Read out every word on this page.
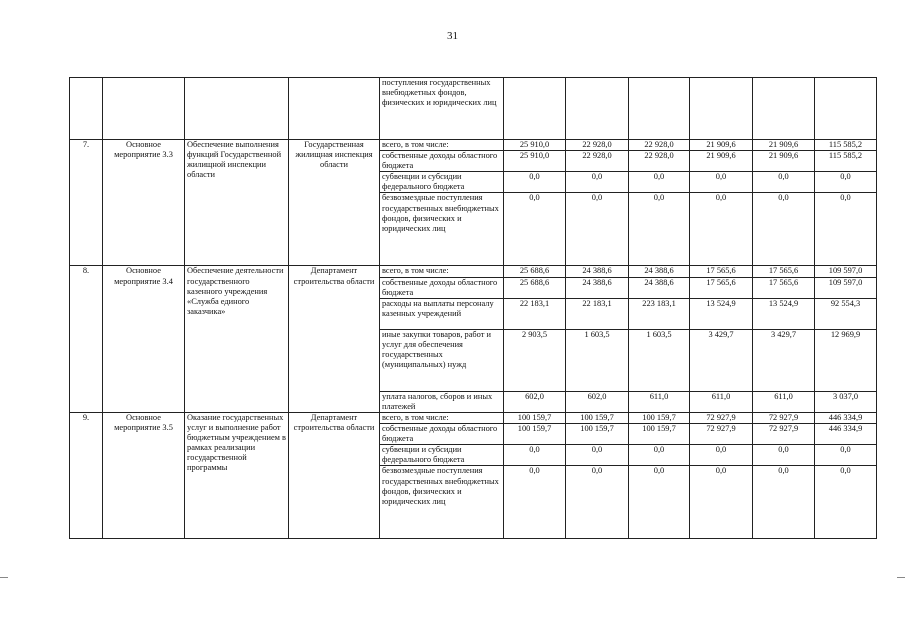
31
				поступления государственных внебюджетных фондов, физических и юридических лиц						
7.	Основное мероприятие 3.3	Обеспечение выполнения функций Государственной жилищной инспекции области	Государственная жилищная инспекция области	всего, в том числе:	25 910,0	22 928,0	22 928,0	21 909,6	21 909,6	115 585,2
				собственные доходы областного бюджета	25 910,0	22 928,0	22 928,0	21 909,6	21 909,6	115 585,2
				субвенции и субсидии федерального бюджета	0,0	0,0	0,0	0,0	0,0	0,0
				безвозмездные поступления государственных внебюджетных фондов, физических и юридических лиц	0,0	0,0	0,0	0,0	0,0	0,0
8.	Основное мероприятие 3.4	Обеспечение деятельности государственного казенного учреждения «Служба единого заказчика»	Департамент строительства области	всего, в том числе:	25 688,6	24 388,6	24 388,6	17 565,6	17 565,6	109 597,0
				собственные доходы областного бюджета	25 688,6	24 388,6	24 388,6	17 565,6	17 565,6	109 597,0
				расходы на выплаты персоналу казенных учреждений	22 183,1	22 183,1	223 183,1	13 524,9	13 524,9	92 554,3
				иные закупки товаров, работ и услуг для обеспечения государственных (муниципальных) нужд	2 903,5	1 603,5	1 603,5	3 429,7	3 429,7	12 969,9
				уплата налогов, сборов и иных платежей	602,0	602,0	611,0	611,0	611,0	3 037,0
9.	Основное мероприятие 3.5	Оказание государственных услуг и выполнение работ бюджетным учреждением в рамках реализации государственной программы	Департамент строительства области	всего, в том числе:	100 159,7	100 159,7	100 159,7	72 927,9	72 927,9	446 334,9
				собственные доходы областного бюджета	100 159,7	100 159,7	100 159,7	72 927,9	72 927,9	446 334,9
				субвенции и субсидии федерального бюджета	0,0	0,0	0,0	0,0	0,0	0,0
				безвозмездные поступления государственных внебюджетных фондов, физических и юридических лиц	0,0	0,0	0,0	0,0	0,0	0,0
